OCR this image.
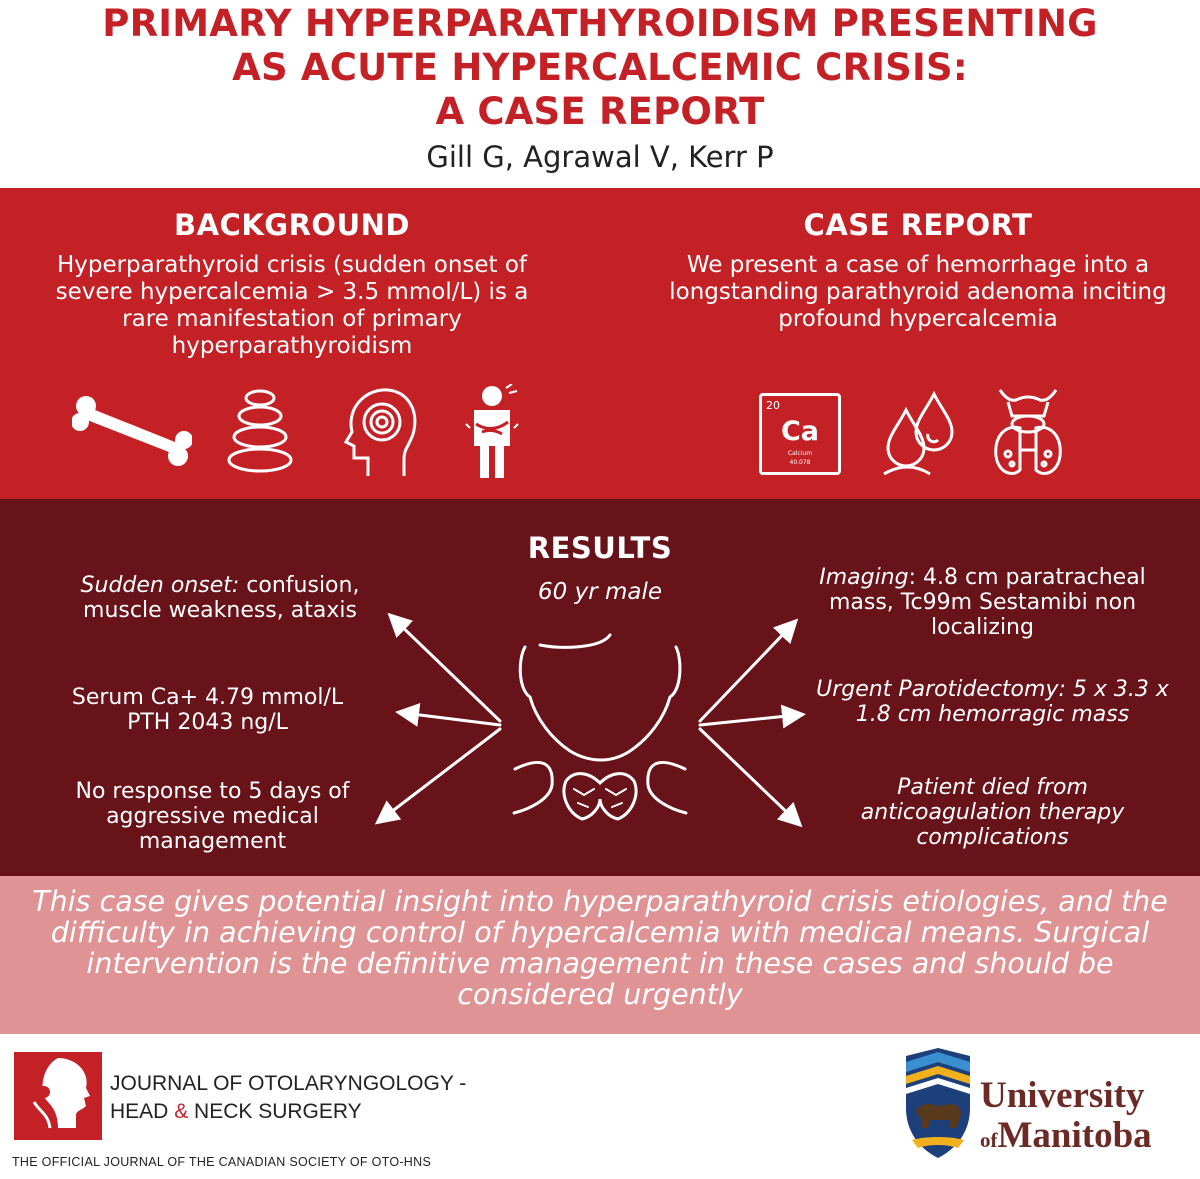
PRIMARY HYPERPARATHYROIDISM PRESENTING
AS ACUTE HYPERCALCEMIC CRISIS:
A CASE REPORT
Gill G, Agrawal V, Kerr P
BACKGROUND

Hyperparathyroid crisis (sudden onset of severe hypercalcemia > 3.5 mmol/L) is a rare manifestation of primary hyperparathyroidism

CASE REPORT

We present a case of hemorrhage into a longstanding parathyroid adenoma inciting profound hypercalcemia

20
Ca
Calcium
40.078
RESULTS
60 yr male
Sudden onset: confusion, muscle weakness, ataxis
Serum Ca+ 4.79 mmol/L
PTH 2043 ng/L
No response to 5 days of aggressive medical management
Imaging: 4.8 cm paratracheal mass, Tc99m Sestamibi non localizing
Urgent Parotidectomy: 5 x 3.3 x 1.8 cm hemorragic mass
Patient died from anticoagulation therapy complications

This case gives potential insight into hyperparathyroid crisis etiologies, and the difficulty in achieving control of hypercalcemia with medical means. Surgical intervention is the definitive management in these cases and should be considered urgently

JOURNAL OF OTOLARYNGOLOGY -
HEAD & NECK SURGERY
THE OFFICIAL JOURNAL OF THE CANADIAN SOCIETY OF OTO-HNS
University
ofManitoba
